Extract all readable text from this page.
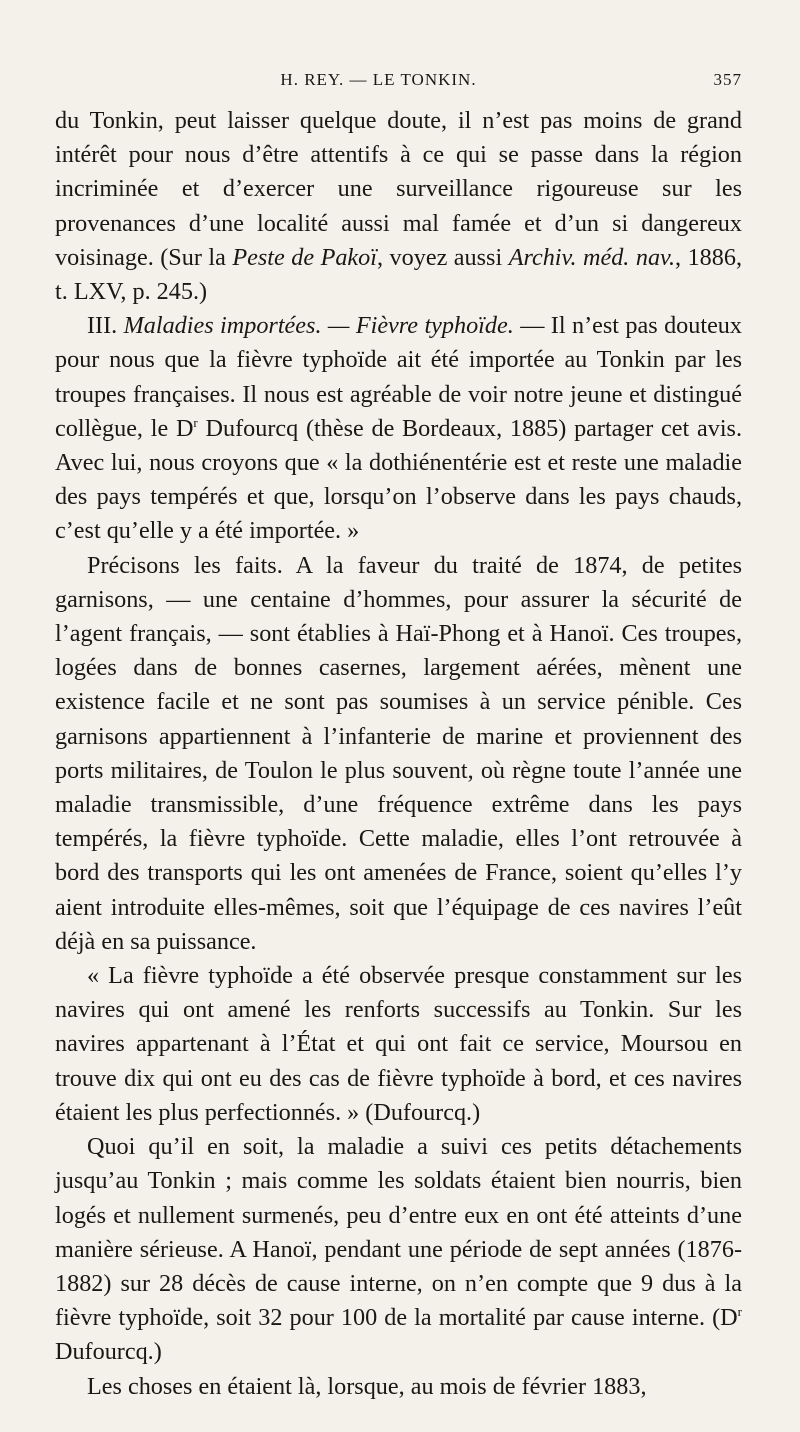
H. REY. — LE TONKIN.	357

du Tonkin, peut laisser quelque doute, il n’est pas moins de grand intérêt pour nous d’être attentifs à ce qui se passe dans la région incriminée et d’exercer une surveillance rigoureuse sur les provenances d’une localité aussi mal famée et d’un si dangereux voisinage. (Sur la Peste de Pakoï, voyez aussi Archiv. méd. nav., 1886, t. LXV, p. 245.)

III. Maladies importées. — Fièvre typhoïde. — Il n’est pas douteux pour nous que la fièvre typhoïde ait été importée au Tonkin par les troupes françaises. Il nous est agréable de voir notre jeune et distingué collègue, le $D^r$ Dufourcq (thèse de Bordeaux, 1885) partager cet avis. Avec lui, nous croyons que « la dothiénentérie est et reste une maladie des pays tempérés et que, lorsqu’on l’observe dans les pays chauds, c’est qu’elle y a été importée. »

Précisons les faits. A la faveur du traité de 1874, de petites garnisons, — une centaine d’hommes, pour assurer la sécurité de l’agent français, — sont établies à Haï-Phong et à Hanoï. Ces troupes, logées dans de bonnes casernes, largement aérées, mènent une existence facile et ne sont pas soumises à un service pénible. Ces garnisons appartiennent à l’infanterie de marine et proviennent des ports militaires, de Toulon le plus souvent, où règne toute l’année une maladie transmissible, d’une fréquence extrême dans les pays tempérés, la fièvre typhoïde. Cette maladie, elles l’ont retrouvée à bord des transports qui les ont amenées de France, soient qu’elles l’y aient introduite elles-mêmes, soit que l’équipage de ces navires l’eût déjà en sa puissance.

« La fièvre typhoïde a été observée presque constamment sur les navires qui ont amené les renforts successifs au Tonkin. Sur les navires appartenant à l’État et qui ont fait ce service, Moursou en trouve dix qui ont eu des cas de fièvre typhoïde à bord, et ces navires étaient les plus perfectionnés. » (Dufourcq.)

Quoi qu’il en soit, la maladie a suivi ces petits détachements jusqu’au Tonkin ; mais comme les soldats étaient bien nourris, bien logés et nullement surmenés, peu d’entre eux en ont été atteints d’une manière sérieuse. A Hanoï, pendant une période de sept années (1876-1882) sur 28 décès de cause interne, on n’en compte que 9 dus à la fièvre typhoïde, soit 32 pour 100 de la mortalité par cause interne. ($D^r$ Dufourcq.)

Les choses en étaient là, lorsque, au mois de février 1883,
